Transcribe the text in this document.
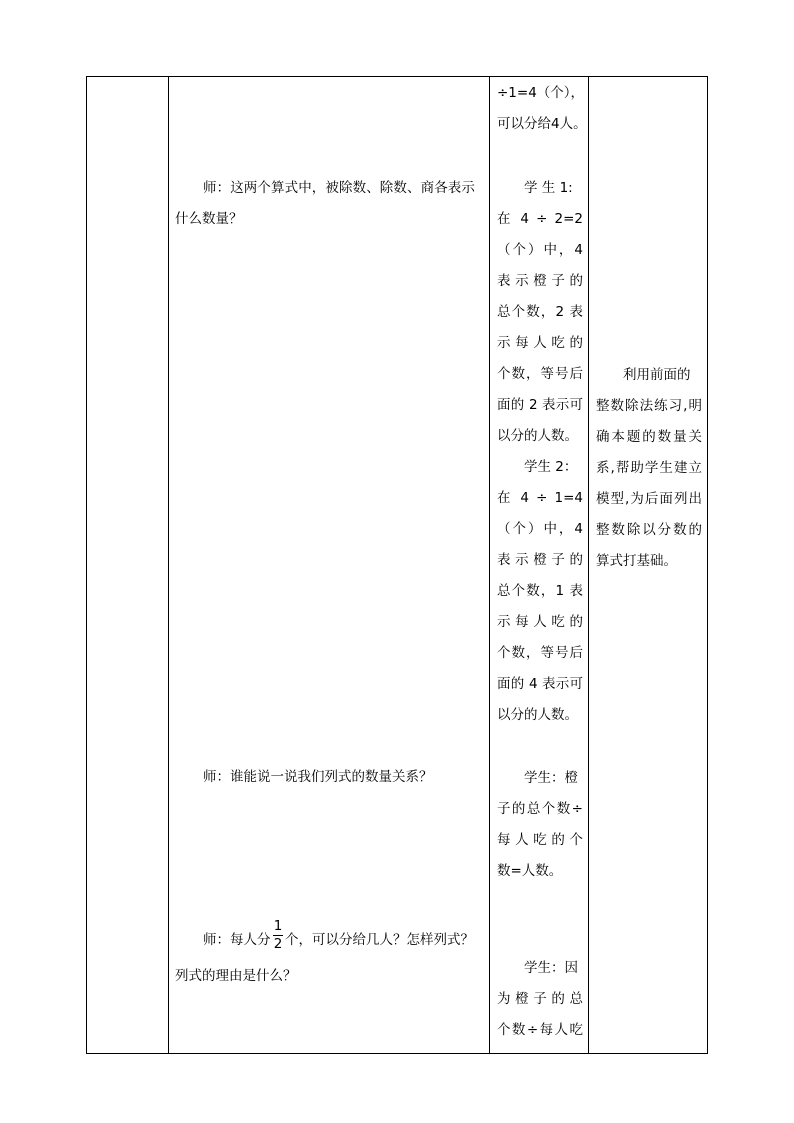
师：这两个算式中，被除数、除数、商各表示
什么数量？
师：谁能说一说我们列式的数量关系？
师：每人分
1
2 个，可以分给几人？怎样列式？
列式的理由是什么？
÷1=4（个），
可以分给4人。
学 生 1:
在 4 ÷ 2=2
（个）中，4
表 示 橙 子 的
总个数，2 表
示 每 人 吃 的
个数，等号后
面的 2 表示可
以分的人数。
学生 2：
在 4 ÷ 1=4
（个）中，4
表 示 橙 子 的
总个数，1 表
示 每 人 吃 的
个数，等号后
面的 4 表示可
以分的人数。
学生：橙
子的总个数÷
每 人 吃 的 个
数=人数。
学生：因
为 橙 子 的 总
个数÷每人吃
利用前面的
整数除法练习,明
确本题的数量关
系,帮助学生建立
模型,为后面列出
整数除以分数的
算式打基础。
